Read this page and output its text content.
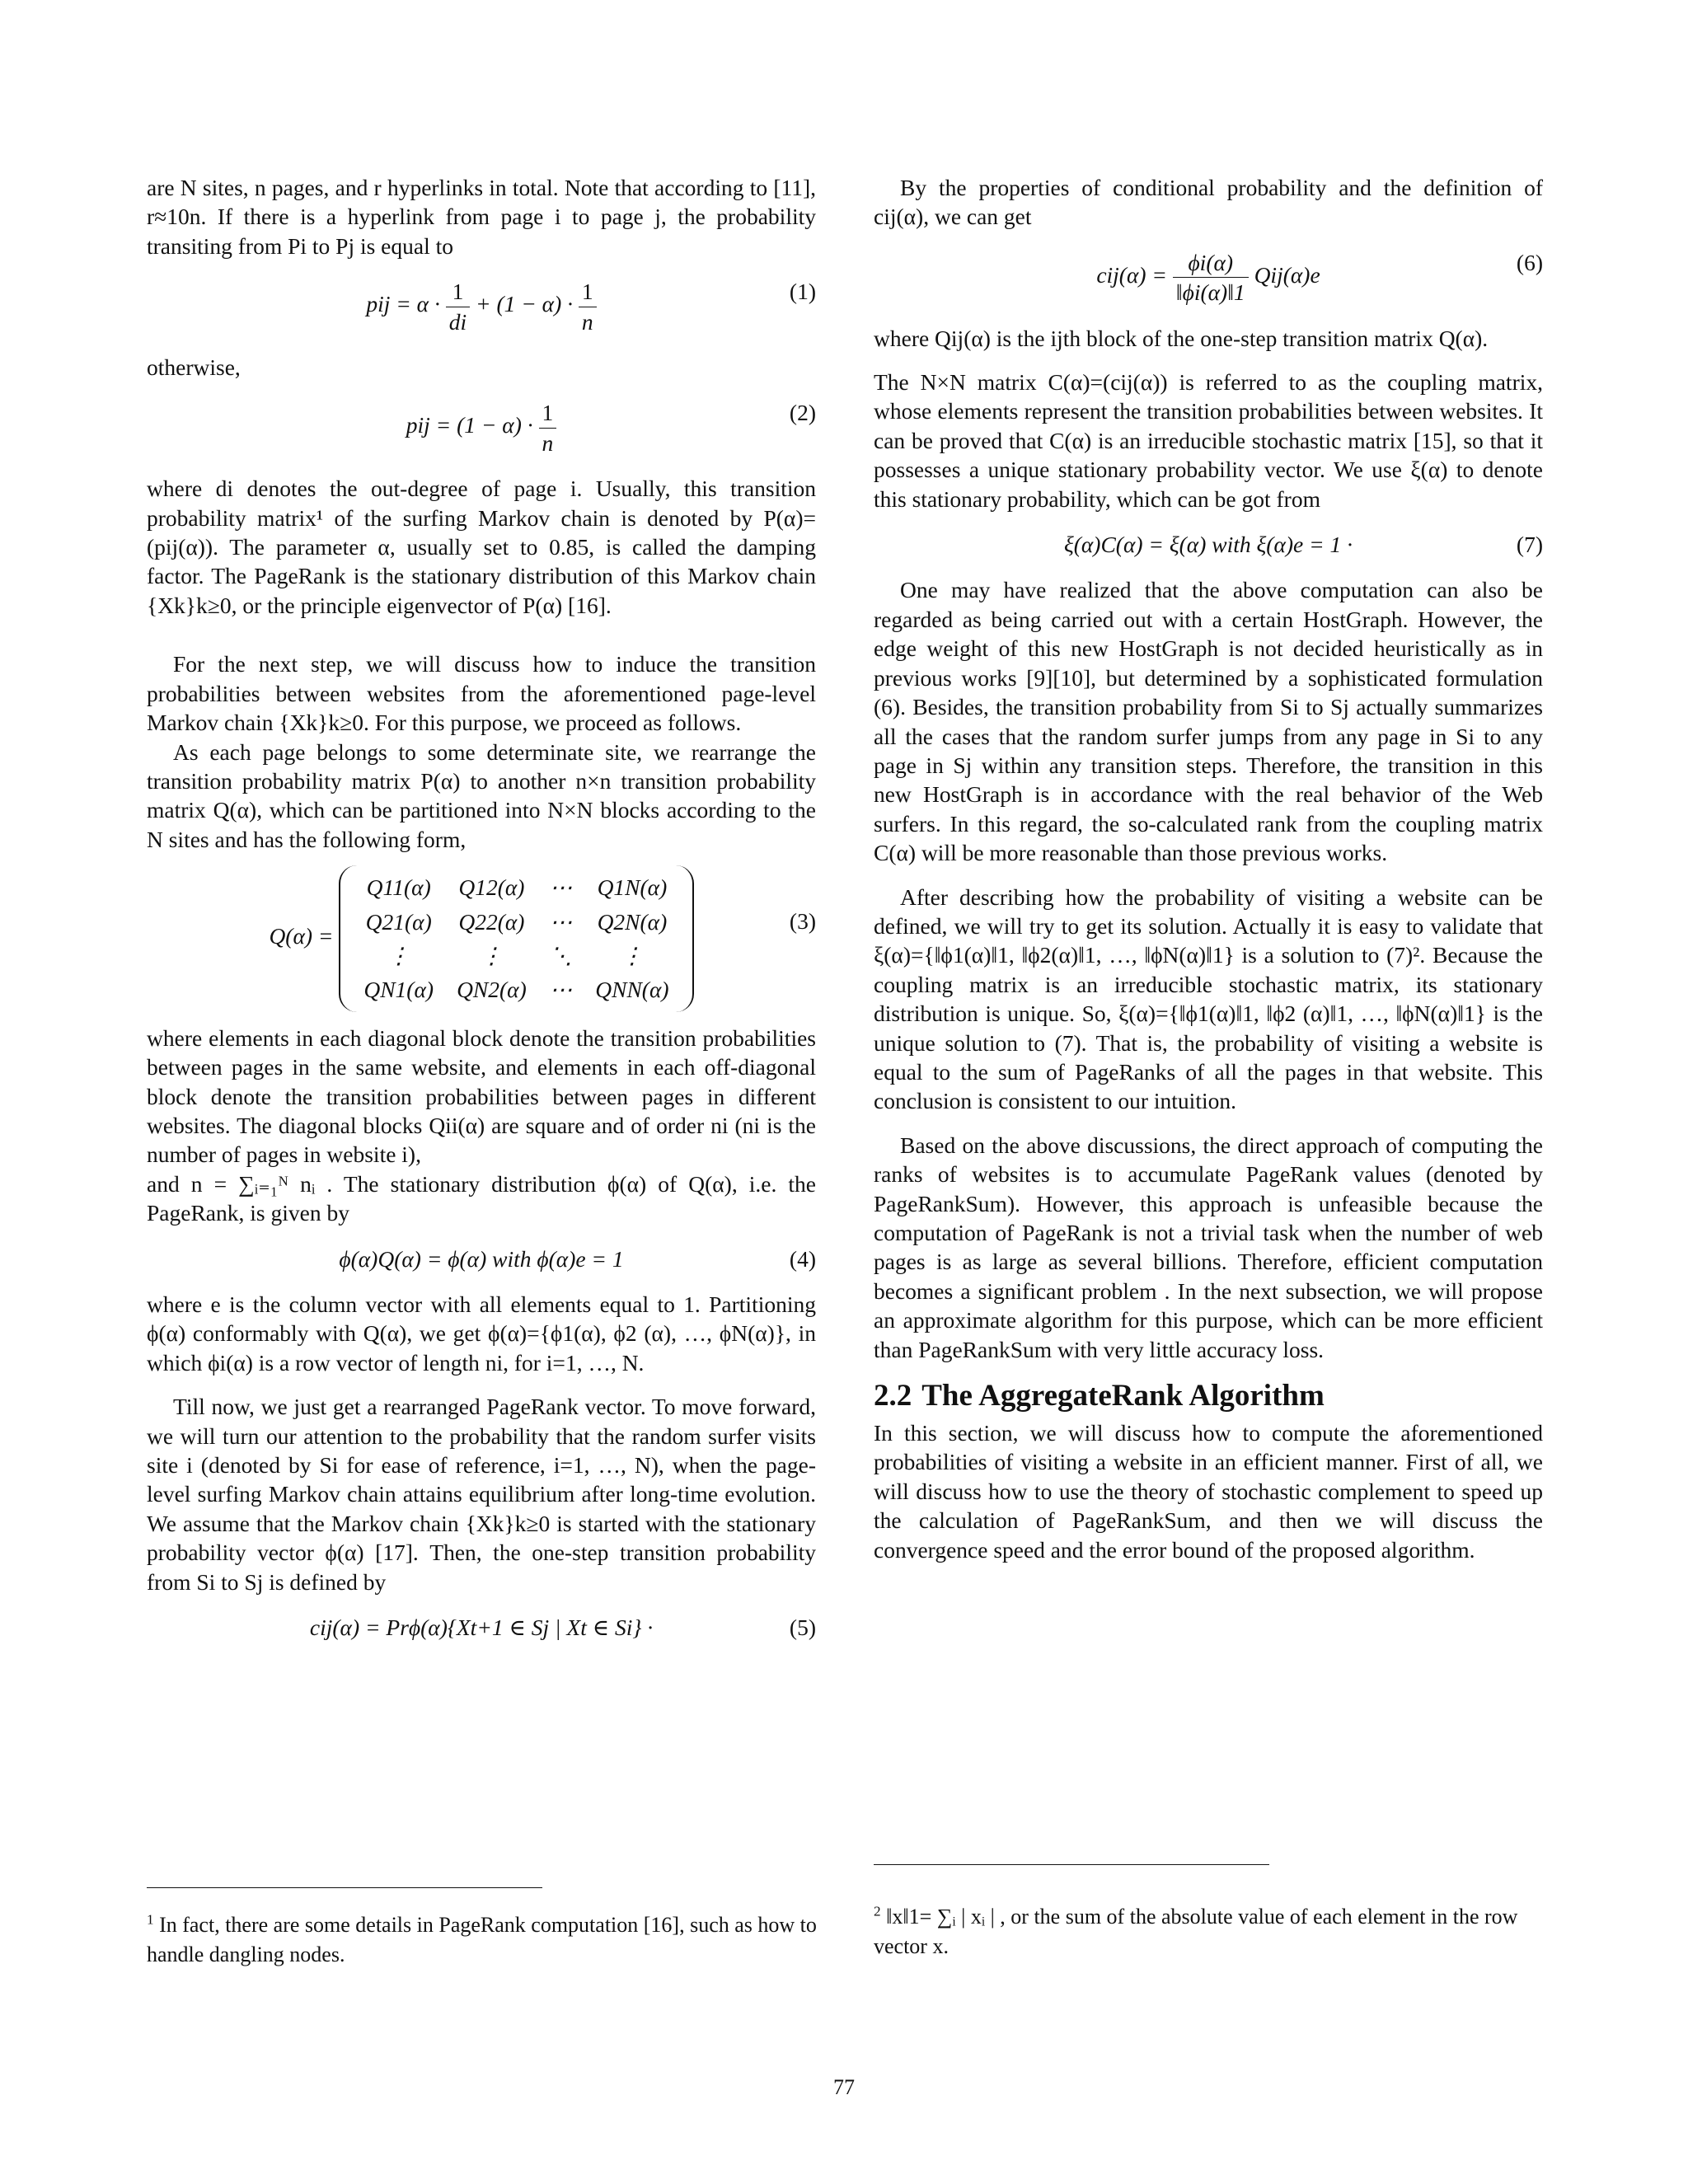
are N sites, n pages, and r hyperlinks in total. Note that according to [11], r≈10n. If there is a hyperlink from page i to page j, the probability transiting from Pi to Pj is equal to

pij = $\alpha \cdot \frac{1}{di} + (1 - \alpha) \cdot \frac{1}{n}$	(1)

otherwise,

pij = $(1 - \alpha) \cdot \frac{1}{n}$	(2)

where di denotes the out-degree of page i. Usually, this transition probability matrix¹ of the surfing Markov chain is denoted by P(α)=(pij(α)). The parameter α, usually set to 0.85, is called the damping factor. The PageRank is the stationary distribution of this Markov chain {Xk}k≥0, or the principle eigenvector of P(α) [16].

For the next step, we will discuss how to induce the transition probabilities between websites from the aforementioned page-level Markov chain {Xk}k≥0. For this purpose, we proceed as follows.

As each page belongs to some determinate site, we rearrange the transition probability matrix P(α) to another n×n transition probability matrix Q(α), which can be partitioned into N×N blocks according to the N sites and has the following form,

Q(α) =
Q11(α)	Q12(α)	⋯	Q1N(α)
Q21(α)	Q22(α)	⋯	Q2N(α)
⋮	⋮	⋱	⋮
QN1(α)	QN2(α)	⋯	QNN(α)
(3)

where elements in each diagonal block denote the transition probabilities between pages in the same website, and elements in each off-diagonal block denote the transition probabilities between pages in different websites. The diagonal blocks Qii(α) are square and of order ni (ni is the number of pages in website i),

and n = ∑ᵢ₌₁ᴺ nᵢ . The stationary distribution ϕ(α) of Q(α), i.e. the PageRank, is given by

ϕ(α)Q(α) = ϕ(α) with ϕ(α)e = 1	(4)

where e is the column vector with all elements equal to 1. Partitioning ϕ(α) conformably with Q(α), we get ϕ(α)={ϕ1(α), ϕ2 (α), …, ϕN(α)}, in which ϕi(α) is a row vector of length ni, for i=1, …, N.

Till now, we just get a rearranged PageRank vector. To move forward, we will turn our attention to the probability that the random surfer visits site i (denoted by Si for ease of reference, i=1, …, N), when the page-level surfing Markov chain attains equilibrium after long-time evolution. We assume that the Markov chain {Xk}k≥0 is started with the stationary probability vector ϕ(α) [17]. Then, the one-step transition probability from Si to Sj is defined by

cij(α) = Prϕ(α){Xt+1 ∈ Sj | Xt ∈ Si} ·	(5)

By the properties of conditional probability and the definition of cij(α), we can get

$cij(\alpha) = \frac{\phi i(\alpha)}{‖\phi i(\alpha)‖1} Qij(\alpha)e$	(6)

where Qij(α) is the ijth block of the one-step transition matrix Q(α).

The N×N matrix C(α)=(cij(α)) is referred to as the coupling matrix, whose elements represent the transition probabilities between websites. It can be proved that C(α) is an irreducible stochastic matrix [15], so that it possesses a unique stationary probability vector. We use ξ(α) to denote this stationary probability, which can be got from

ξ(α)C(α) = ξ(α) with ξ(α)e = 1 ·	(7)

One may have realized that the above computation can also be regarded as being carried out with a certain HostGraph. However, the edge weight of this new HostGraph is not decided heuristically as in previous works [9][10], but determined by a sophisticated formulation (6). Besides, the transition probability from Si to Sj actually summarizes all the cases that the random surfer jumps from any page in Si to any page in Sj within any transition steps. Therefore, the transition in this new HostGraph is in accordance with the real behavior of the Web surfers. In this regard, the so-calculated rank from the coupling matrix C(α) will be more reasonable than those previous works.

After describing how the probability of visiting a website can be defined, we will try to get its solution. Actually it is easy to validate that ξ(α)={‖ϕ1(α)‖1, ‖ϕ2(α)‖1, …, ‖ϕN(α)‖1} is a solution to (7)². Because the coupling matrix is an irreducible stochastic matrix, its stationary distribution is unique. So, ξ(α)={‖ϕ1(α)‖1, ‖ϕ2 (α)‖1, …, ‖ϕN(α)‖1} is the unique solution to (7). That is, the probability of visiting a website is equal to the sum of PageRanks of all the pages in that website. This conclusion is consistent to our intuition.

Based on the above discussions, the direct approach of computing the ranks of websites is to accumulate PageRank values (denoted by PageRankSum). However, this approach is unfeasible because the computation of PageRank is not a trivial task when the number of web pages is as large as several billions. Therefore, efficient computation becomes a significant problem . In the next subsection, we will propose an approximate algorithm for this purpose, which can be more efficient than PageRankSum with very little accuracy loss.

2.2 The AggregateRank Algorithm

In this section, we will discuss how to compute the aforementioned probabilities of visiting a website in an efficient manner. First of all, we will discuss how to use the theory of stochastic complement to speed up the calculation of PageRankSum, and then we will discuss the convergence speed and the error bound of the proposed algorithm.

$^1$ In fact, there are some details in PageRank computation [16], such as how to handle dangling nodes.
$^2$ ‖x‖1= ∑ᵢ | xᵢ | , or the sum of the absolute value of each element in the row vector x.
77
